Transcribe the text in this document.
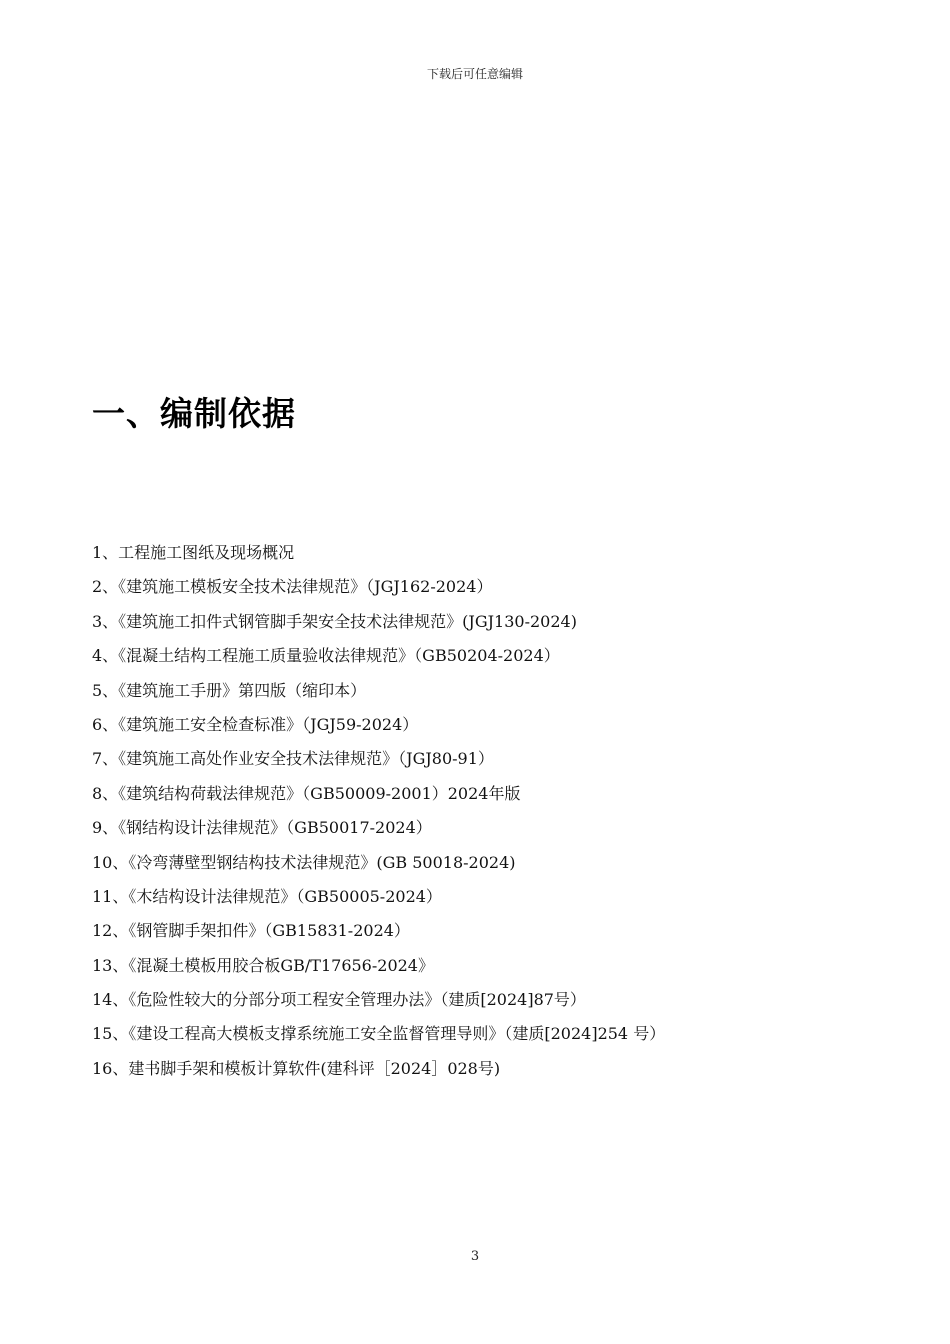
下载后可任意编辑
一、编制依据
1、工程施工图纸及现场概况
2、《建筑施工模板安全技术法律规范》（JGJ162-2024）
3、《建筑施工扣件式钢管脚手架安全技术法律规范》(JGJ130-2024)
4、《混凝土结构工程施工质量验收法律规范》（GB50204-2024）
5、《建筑施工手册》第四版（缩印本）
6、《建筑施工安全检查标准》（JGJ59-2024）
7、《建筑施工高处作业安全技术法律规范》（JGJ80-91）
8、《建筑结构荷载法律规范》（GB50009-2001）2024年版
9、《钢结构设计法律规范》（GB50017-2024）
10、《冷弯薄壁型钢结构技术法律规范》(GB 50018-2024)
11、《木结构设计法律规范》（GB50005-2024）
12、《钢管脚手架扣件》（GB15831-2024）
13、《混凝土模板用胶合板GB/T17656-2024》
14、《危险性较大的分部分项工程安全管理办法》（建质[2024]87号）
15、《建设工程高大模板支撑系统施工安全监督管理导则》（建质[2024]254 号）
16、建书脚手架和模板计算软件(建科评［2024］028号)
3
